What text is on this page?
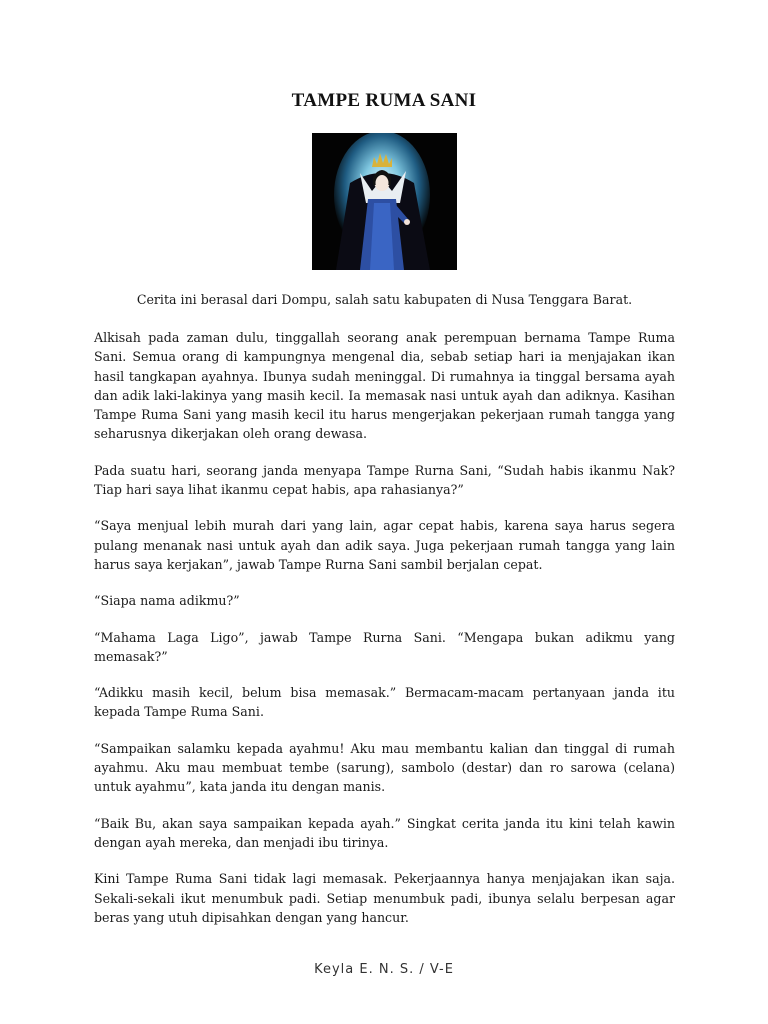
TAMPE RUMA SANI
Cerita ini berasal dari Dompu, salah satu kabupaten di Nusa Tenggara Barat.

Alkisah pada zaman dulu, tinggallah seorang anak perempuan bernama Tampe Ruma Sani. Semua orang di kampungnya mengenal dia, sebab setiap hari ia menjajakan ikan hasil tangkapan ayahnya. Ibunya sudah meninggal. Di rumahnya ia tinggal bersama ayah dan adik laki-lakinya yang masih kecil. Ia memasak nasi untuk ayah dan adiknya. Kasihan Tampe Ruma Sani yang masih kecil itu harus mengerjakan pekerjaan rumah tangga yang seharusnya dikerjakan oleh orang dewasa.

Pada suatu hari, seorang janda menyapa Tampe Rurna Sani, “Sudah habis ikanmu Nak? Tiap hari saya lihat ikanmu cepat habis, apa rahasianya?”

“Saya menjual lebih murah dari yang lain, agar cepat habis, karena saya harus segera pulang menanak nasi untuk ayah dan adik saya. Juga pekerjaan rumah tangga yang lain harus saya kerjakan”, jawab Tampe Rurna Sani sambil berjalan cepat.

“Siapa nama adikmu?”

“Mahama Laga Ligo”, jawab Tampe Rurna Sani. “Mengapa bukan adikmu yang memasak?”

“Adikku masih kecil, belum bisa memasak.” Bermacam-macam pertanyaan janda itu kepada Tampe Ruma Sani.

“Sampaikan salamku kepada ayahmu! Aku mau membantu kalian dan tinggal di rumah ayahmu. Aku mau membuat tembe (sarung), sambolo (destar) dan ro sarowa (celana) untuk ayahmu”, kata janda itu dengan manis.

“Baik Bu, akan saya sampaikan kepada ayah.” Singkat cerita janda itu kini telah kawin dengan ayah mereka, dan menjadi ibu tirinya.

Kini Tampe Ruma Sani tidak lagi memasak. Pekerjaannya hanya menjajakan ikan saja. Sekali-sekali ikut menumbuk padi. Setiap menumbuk padi, ibunya selalu berpesan agar beras yang utuh dipisahkan dengan yang hancur.

Keyla E. N. S. / V-E
